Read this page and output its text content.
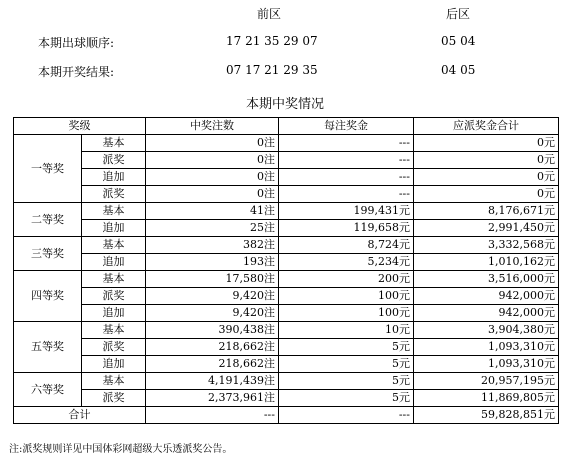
前区	后区
本期出球顺序:	17 21 35 29 07	05 04
本期开奖结果:	07 17 21 29 35	04 05
本期中奖情况
奖级		中奖注数	每注奖金	应派奖金合计
一等奖	基本	0注	---	0元
	派奖	0注	---	0元
	追加	0注	---	0元
	派奖	0注	---	0元
二等奖	基本	41注	199,431元	8,176,671元
	追加	25注	119,658元	2,991,450元
三等奖	基本	382注	8,724元	3,332,568元
	追加	193注	5,234元	1,010,162元
四等奖	基本	17,580注	200元	3,516,000元
	派奖	9,420注	100元	942,000元
	追加	9,420注	100元	942,000元
五等奖	基本	390,438注	10元	3,904,380元
	派奖	218,662注	5元	1,093,310元
	追加	218,662注	5元	1,093,310元
六等奖	基本	4,191,439注	5元	20,957,195元
	派奖	2,373,961注	5元	11,869,805元
合计		---	---	59,828,851元
注:派奖规则详见中国体彩网超级大乐透派奖公告。
